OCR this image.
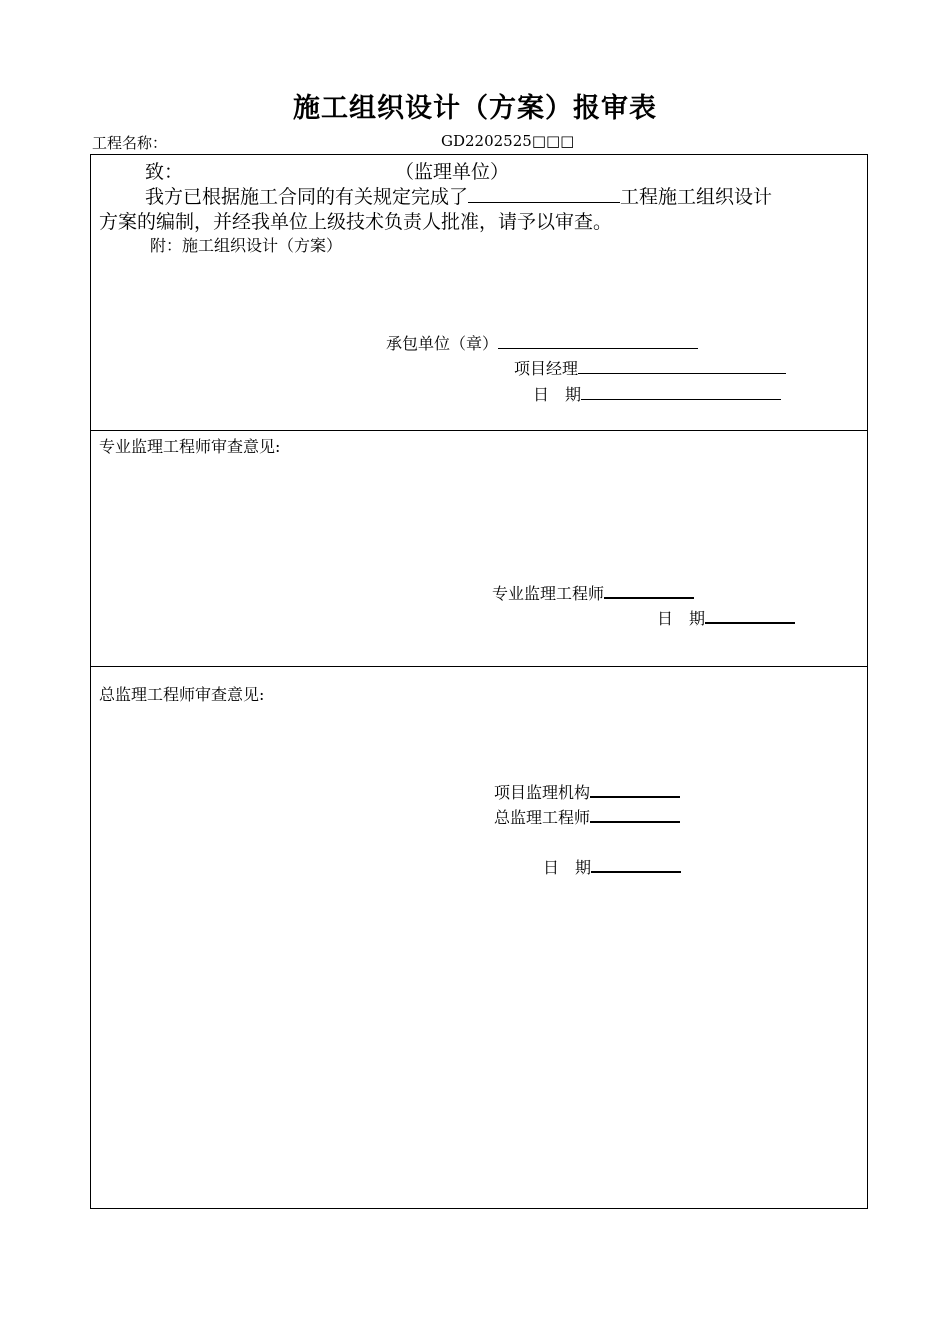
施工组织设计（方案）报审表
工程名称：	GD2202525□□□
致：	（监理单位）
我方已根据施工合同的有关规定完成了	工程施工组织设计
方案的编制，并经我单位上级技术负责人批准，请予以审查。
附：施工组织设计（方案）
承包单位（章）
项目经理
日　期
专业监理工程师审查意见:
专业监理工程师
日　期
总监理工程师审查意见:
项目监理机构
总监理工程师
日　期
